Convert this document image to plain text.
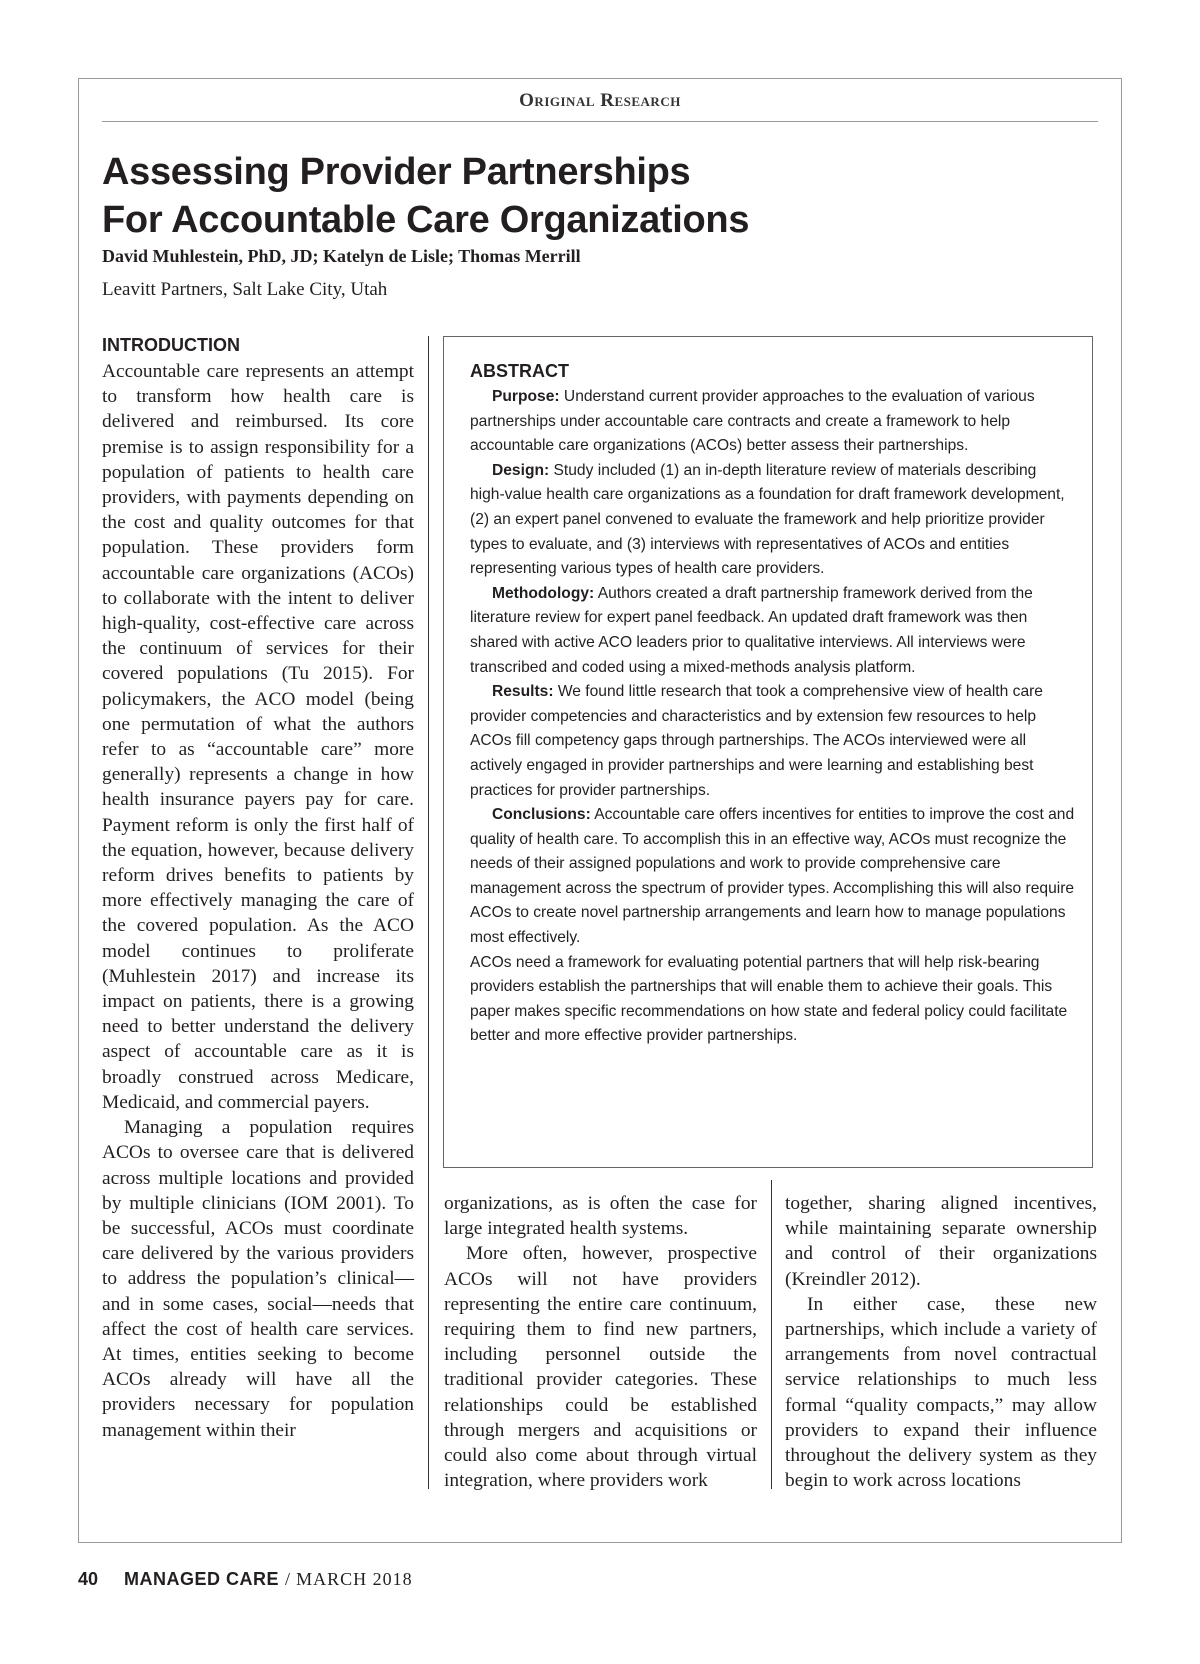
Original Research
Assessing Provider Partnerships
For Accountable Care Organizations
David Muhlestein, PhD, JD; Katelyn de Lisle; Thomas Merrill
Leavitt Partners, Salt Lake City, Utah
INTRODUCTION

Accountable care represents an attempt to transform how health care is delivered and reimbursed. Its core premise is to assign responsibility for a population of patients to health care providers, with payments depending on the cost and quality outcomes for that population. These providers form accountable care organizations (ACOs) to collaborate with the intent to deliver high-quality, cost-effective care across the continuum of services for their covered populations (Tu 2015). For policymakers, the ACO model (being one permutation of what the authors refer to as “accountable care” more generally) represents a change in how health insurance payers pay for care. Payment reform is only the first half of the equation, however, because delivery reform drives benefits to patients by more effectively managing the care of the covered population. As the ACO model continues to proliferate (Muhlestein 2017) and increase its impact on patients, there is a growing need to better understand the delivery aspect of accountable care as it is broadly construed across Medicare, Medicaid, and commercial payers.

Managing a population requires ACOs to oversee care that is delivered across multiple locations and provided by multiple clinicians (IOM 2001). To be successful, ACOs must coordinate care delivered by the various providers to address the population’s clinical—and in some cases, social—needs that affect the cost of health care services. At times, entities seeking to become ACOs already will have all the providers necessary for population management within their

ABSTRACT

Purpose: Understand current provider approaches to the evaluation of various partnerships under accountable care contracts and create a framework to help accountable care organizations (ACOs) better assess their partnerships.

Design: Study included (1) an in-depth literature review of materials describing high-value health care organizations as a foundation for draft framework development, (2) an expert panel convened to evaluate the framework and help prioritize provider types to evaluate, and (3) interviews with representatives of ACOs and entities representing various types of health care providers.

Methodology: Authors created a draft partnership framework derived from the literature review for expert panel feedback. An updated draft framework was then shared with active ACO leaders prior to qualitative interviews. All interviews were transcribed and coded using a mixed-methods analysis platform.

Results: We found little research that took a comprehensive view of health care provider competencies and characteristics and by extension few resources to help ACOs fill competency gaps through partnerships. The ACOs interviewed were all actively engaged in provider partnerships and were learning and establishing best practices for provider partnerships.

Conclusions: Accountable care offers incentives for entities to improve the cost and quality of health care. To accomplish this in an effective way, ACOs must recognize the needs of their assigned populations and work to provide comprehensive care management across the spectrum of provider types. Accomplishing this will also require ACOs to create novel partnership arrangements and learn how to manage populations most effectively.

ACOs need a framework for evaluating potential partners that will help risk-bearing providers establish the partnerships that will enable them to achieve their goals. This paper makes specific recommendations on how state and federal policy could facilitate better and more effective provider partnerships.

organizations, as is often the case for large integrated health systems.

More often, however, prospective ACOs will not have providers representing the entire care continuum, requiring them to find new partners, including personnel outside the traditional provider categories. These relationships could be established through mergers and acquisitions or could also come about through virtual integration, where providers work

together, sharing aligned incentives, while maintaining separate ownership and control of their organizations (Kreindler 2012).

In either case, these new partnerships, which include a variety of arrangements from novel contractual service relationships to much less formal “quality compacts,” may allow providers to expand their influence throughout the delivery system as they begin to work across locations

40 MANAGED CARE / MARCH 2018
